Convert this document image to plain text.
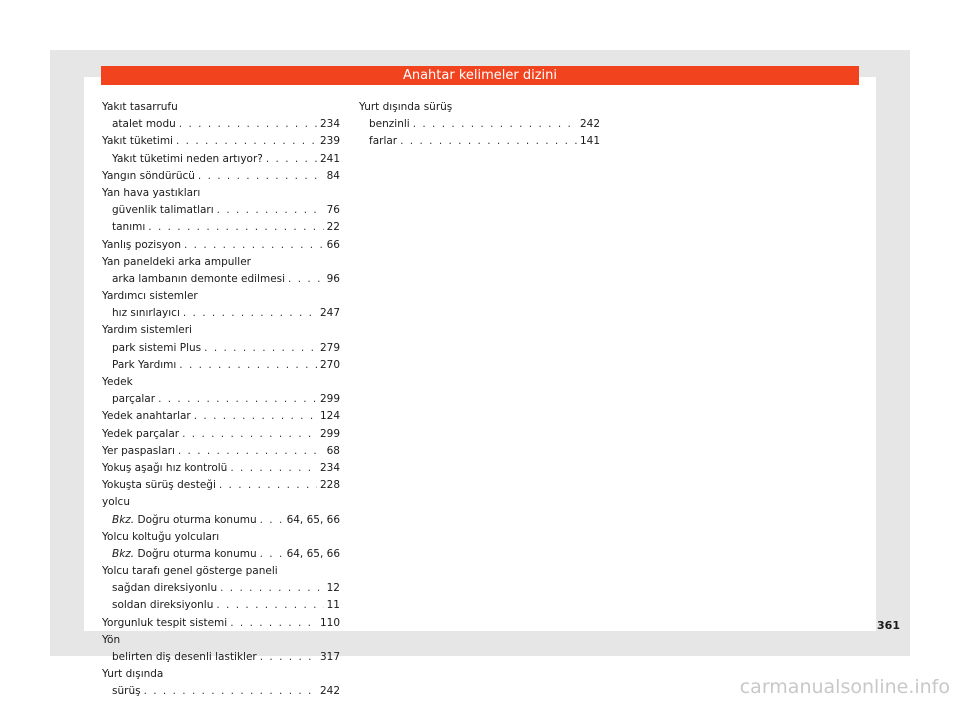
Anahtar kelimeler dizini
Yakıt tasarrufu
atalet modu . . .	234
Yakıt tüketimi . . .	239
Yakıt tüketimi neden artıyor? . . .	241
Yangın söndürücü . . .	84
Yan hava yastıkları
güvenlik talimatları . . .	76
tanımı . . .	22
Yanlış pozisyon . . .	66
Yan paneldeki arka ampuller
arka lambanın demonte edilmesi . . .	96
Yardımcı sistemler
hız sınırlayıcı . . .	247
Yardım sistemleri
park sistemi Plus . . .	279
Park Yardımı . . .	270
Yedek
parçalar . . .	299
Yedek anahtarlar . . .	124
Yedek parçalar . . .	299
Yer paspasları . . .	68
Yokuş aşağı hız kontrolü . . .	234
Yokuşta sürüş desteği . . .	228
yolcu
Bkz. Doğru oturma konumu . . .	64, 65, 66
Yolcu koltuğu yolcuları
Bkz. Doğru oturma konumu . . .	64, 65, 66
Yolcu tarafı genel gösterge paneli
sağdan direksiyonlu . . .	12
soldan direksiyonlu . . .	11
Yorgunluk tespit sistemi . . .	110
Yön
belirten diş desenli lastikler . . .	317
Yurt dışında
sürüş . . .	242
Yurt dışında sürüş
benzinli . . .	242
farlar . . .	141
361
carmanualsonline.info
